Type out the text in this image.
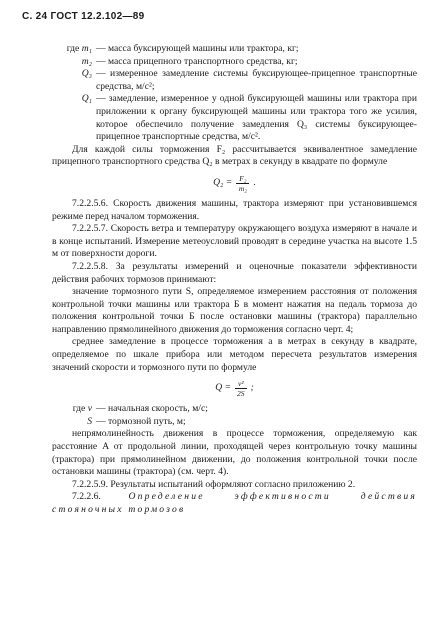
С. 24 ГОСТ 12.2.102—89
где m₁ — масса буксирующей машины или трактора, кг;
m₂ — масса прицепного транспортного средства, кг;
Q₃ — измеренное замедление системы буксирующее-прицепное транспортные средства, м/с²;
Q₁ — замедление, измеренное у одной буксирующей машины или трактора при приложении к органу буксирующей машины или трактора того же усилия, которое обеспечило получение замедления Q₃ системы буксирующее-прицепное транспортные средства, м/с².

Для каждой силы торможения F₂ рассчитывается эквивалентное замедление прицепного транспортного средства Q₂ в метрах в секунду в квадрате по формуле

$Q_2 = \frac{\text{F₂}}{\text{m₂}}$ .

7.2.2.5.6. Скорость движения машины, трактора измеряют при установившемся режиме перед началом торможения.

7.2.2.5.7. Скорость ветра и температуру окружающего воздуха измеряют в начале и в конце испытаний. Измерение метеоусловий проводят в середине участка на высоте 1.5 м от поверхности дороги.

7.2.2.5.8. За результаты измерений и оценочные показатели эффективности действия рабочих тормозов принимают:

значение тормозного пути S, определяемое измерением расстояния от положения контрольной точки машины или трактора Б в момент нажатия на педаль тормоза до положения контрольной точки Б после остановки машины (трактора) параллельно направлению прямолинейного движения до торможения согласно черт. 4;

среднее замедление в процессе торможения a в метрах в секунду в квадрате, определяемое по шкале прибора или методом пересчета результатов измерения значений скорости и тормозного пути по формуле

$Q = \frac{\text{v²}}{2S}$ ;
где v — начальная скорость, м/с;
S — тормозной путь, м;

непрямолинейность движения в процессе торможения, определяемую как расстояние A от продольной линии, проходящей через контрольную точку машины (трактора) при прямолинейном движении, до положения контрольной точки после остановки машины (трактора) (см. черт. 4).

7.2.2.5.9. Результаты испытаний оформляют согласно приложению 2.

7.2.2.6.	Определение эффективности действия стояночных тормозов
